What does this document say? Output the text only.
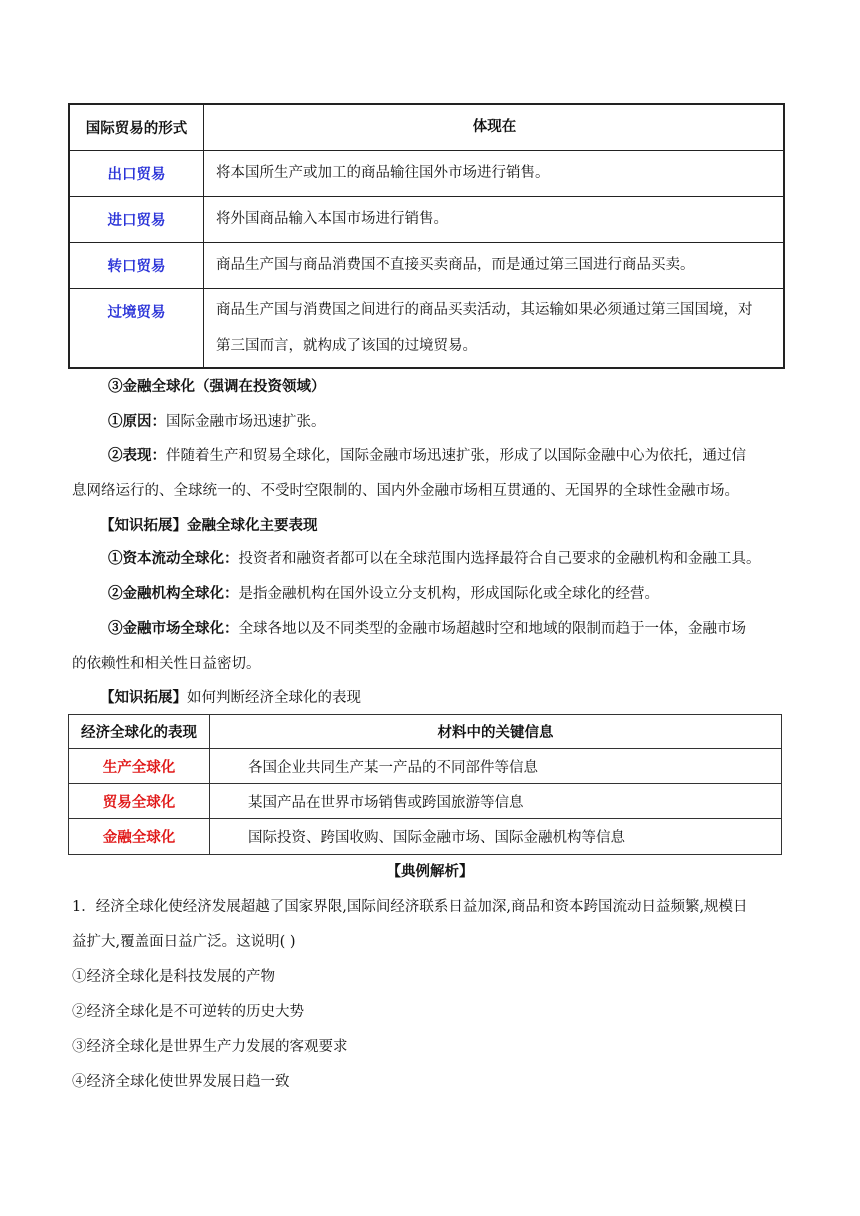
国际贸易的形式	体现在
出口贸易	将本国所生产或加工的商品输往国外市场进行销售。
进口贸易	将外国商品输入本国市场进行销售。
转口贸易	商品生产国与商品消费国不直接买卖商品，而是通过第三国进行商品买卖。
过境贸易	商品生产国与消费国之间进行的商品买卖活动，其运输如果必须通过第三国国境，对
第三国而言，就构成了该国的过境贸易。
③金融全球化（强调在投资领域）
①原因：国际金融市场迅速扩张。
②表现：伴随着生产和贸易全球化，国际金融市场迅速扩张，形成了以国际金融中心为依托，通过信
息网络运行的、全球统一的、不受时空限制的、国内外金融市场相互贯通的、无国界的全球性金融市场。
【知识拓展】金融全球化主要表现
①资本流动全球化：投资者和融资者都可以在全球范围内选择最符合自己要求的金融机构和金融工具。
②金融机构全球化：是指金融机构在国外设立分支机构，形成国际化或全球化的经营。
③金融市场全球化：全球各地以及不同类型的金融市场超越时空和地域的限制而趋于一体，金融市场
的依赖性和相关性日益密切。
【知识拓展】如何判断经济全球化的表现
经济全球化的表现	材料中的关键信息
生产全球化	各国企业共同生产某一产品的不同部件等信息
贸易全球化	某国产品在世界市场销售或跨国旅游等信息
金融全球化	国际投资、跨国收购、国际金融市场、国际金融机构等信息
【典例解析】
1．经济全球化使经济发展超越了国家界限,国际间经济联系日益加深,商品和资本跨国流动日益频繁,规模日
益扩大,覆盖面日益广泛。这说明( )
①经济全球化是科技发展的产物
②经济全球化是不可逆转的历史大势
③经济全球化是世界生产力发展的客观要求
④经济全球化使世界发展日趋一致
